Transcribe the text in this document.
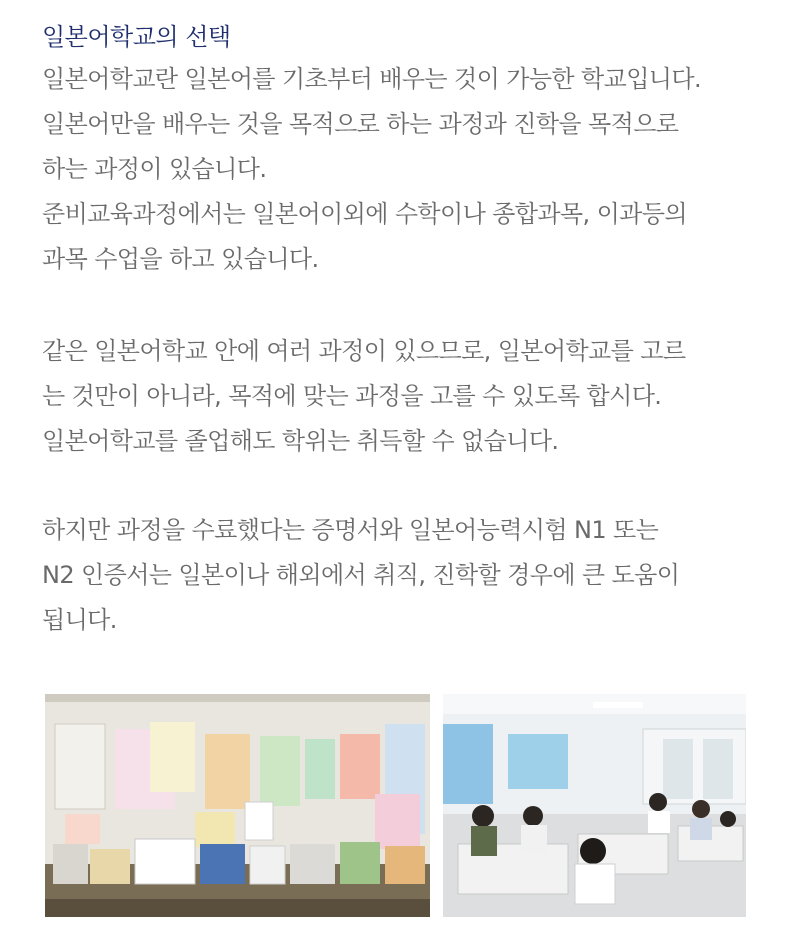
일본어학교의 선택
일본어학교란 일본어를 기초부터 배우는 것이 가능한 학교입니다.
일본어만을 배우는 것을 목적으로 하는 과정과 진학을 목적으로
하는 과정이 있습니다.
준비교육과정에서는 일본어이외에 수학이나 종합과목, 이과등의
과목 수업을 하고 있습니다.
같은 일본어학교 안에 여러 과정이 있으므로, 일본어학교를 고르
는 것만이 아니라, 목적에 맞는 과정을 고를 수 있도록 합시다.
일본어학교를 졸업해도 학위는 취득할 수 없습니다.
하지만 과정을 수료했다는 증명서와 일본어능력시험 N1 또는
N2 인증서는 일본이나 해외에서 취직, 진학할 경우에 큰 도움이
됩니다.
